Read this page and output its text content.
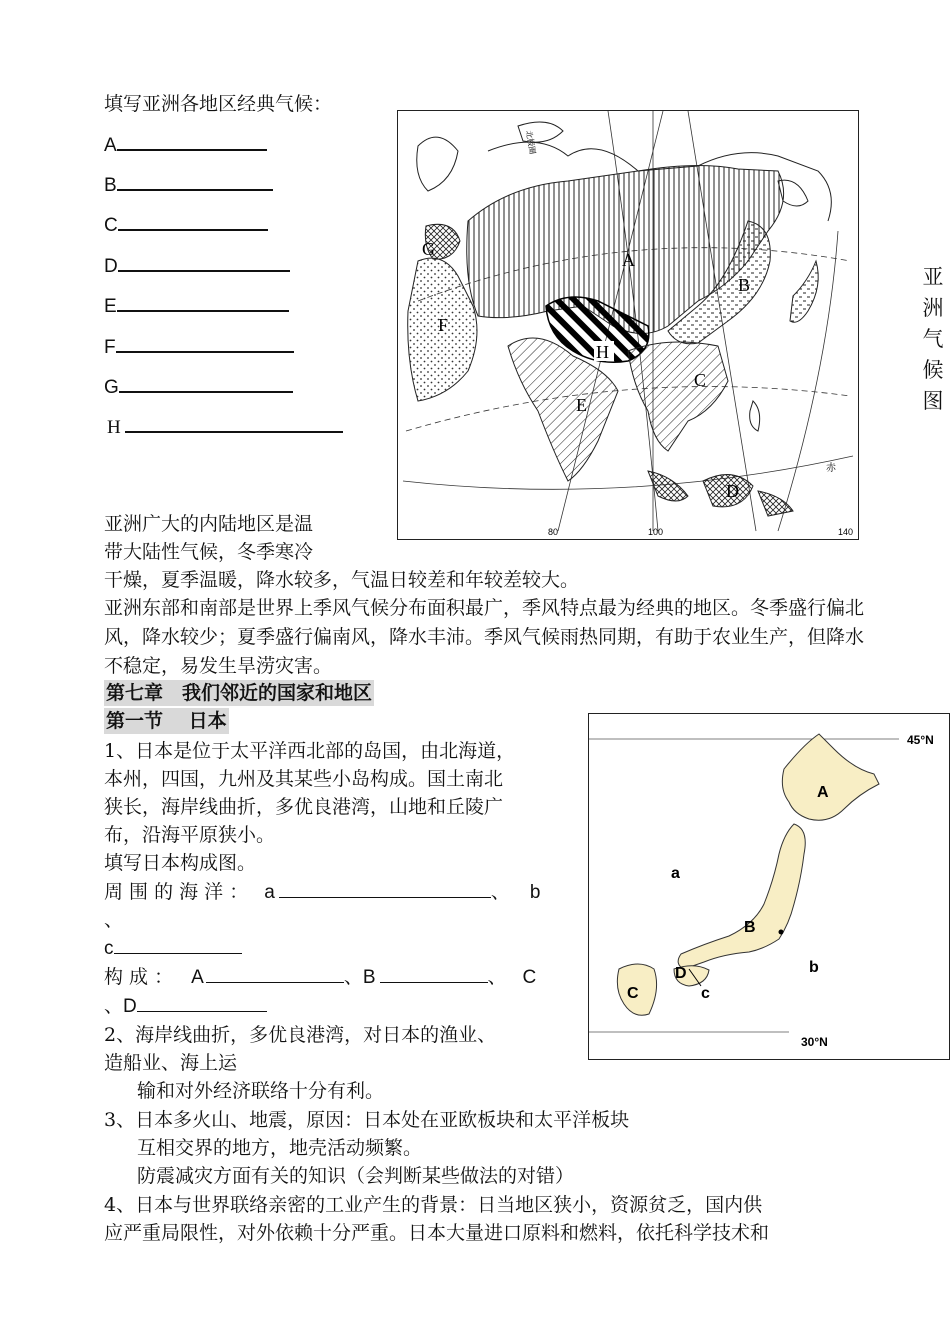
填写亚洲各地区经典气候：
A
B
C
D
E
F
G
H
A
B
C
D
E
F
G
H
80	100	140
赤
北极圈
亚
洲
气
候
图
亚洲广大的内陆地区是温
带大陆性气候，冬季寒冷
干燥，夏季温暖，降水较多，气温日较差和年较差较大。
亚洲东部和南部是世界上季风气候分布面积最广，季风特点最为经典的地区。冬季盛行偏北风，降水较少；夏季盛行偏南风，降水丰沛。季风气候雨热同期，有助于农业生产，但降水不稳定，易发生旱涝灾害。
第七章　我们邻近的国家和地区
第一节　 日本
1、日本是位于太平洋西北部的岛国，由北海道，
本州，四国，九州及其某些小岛构成。国土南北
狭长，海岸线曲折，多优良港湾，山地和丘陵广
布，沿海平原狭小。
填写日本构成图。
周 围 的 海 洋 ： a	、 b
、
c
构 成 ： A	、B	、 C
、D
2、海岸线曲折，多优良港湾，对日本的渔业、
造船业、海上运
输和对外经济联络十分有利。
3、日本多火山、地震，原因：日本处在亚欧板块和太平洋板块
互相交界的地方，地壳活动频繁。
防震减灾方面有关的知识（会判断某些做法的对错）
4、日本与世界联络亲密的工业产生的背景：日当地区狭小，资源贫乏，国内供
应严重局限性，对外依赖十分严重。日本大量进口原料和燃料，依托科学技术和
45°N
30°N
A
B
C
D
a
b
c
